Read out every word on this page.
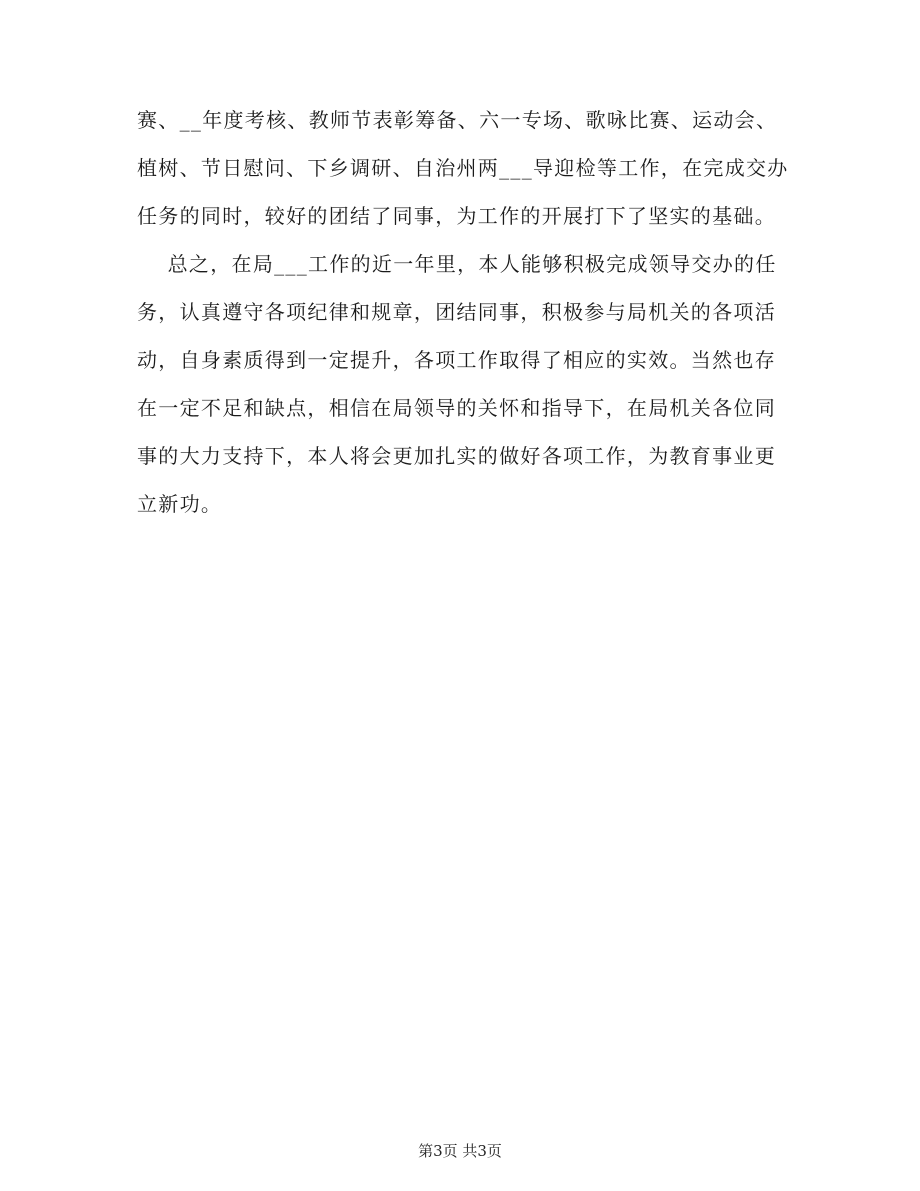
赛、__年度考核、教师节表彰筹备、六一专场、歌咏比赛、运动会、
植树、节日慰问、下乡调研、自治州两___导迎检等工作，在完成交办
任务的同时，较好的团结了同事，为工作的开展打下了坚实的基础。
总之，在局___工作的近一年里，本人能够积极完成领导交办的任
务，认真遵守各项纪律和规章，团结同事，积极参与局机关的各项活
动，自身素质得到一定提升，各项工作取得了相应的实效。当然也存
在一定不足和缺点，相信在局领导的关怀和指导下，在局机关各位同
事的大力支持下，本人将会更加扎实的做好各项工作，为教育事业更
立新功。
第3页 共3页
